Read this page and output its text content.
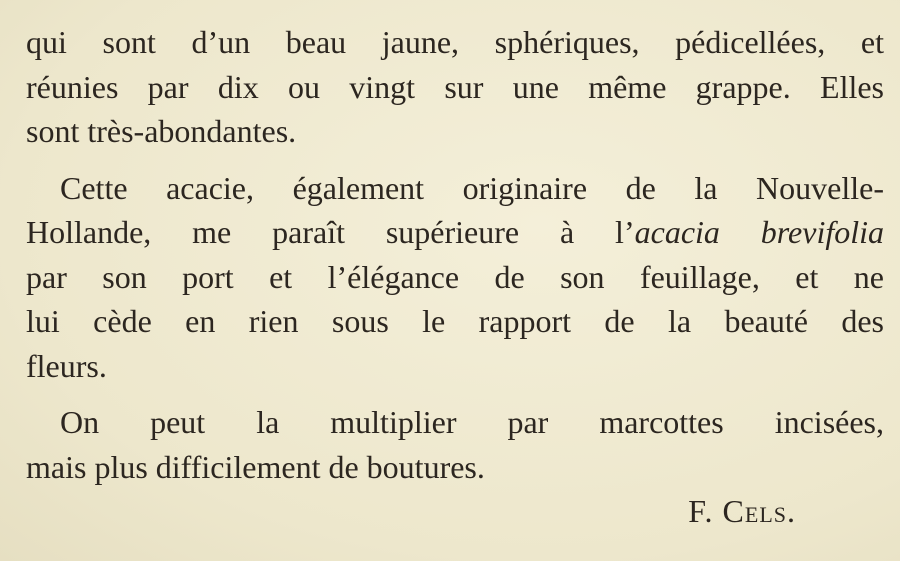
qui sont d’un beau jaune, sphériques, pédicellées, et
réunies par dix ou vingt sur une même grappe. Elles
sont très-abondantes.
Cette acacie, également originaire de la Nouvelle-
Hollande, me paraît supérieure à l’acacia brevifolia
par son port et l’élégance de son feuillage, et ne
lui cède en rien sous le rapport de la beauté des
fleurs.
On peut la multiplier par marcottes incisées,
mais plus difficilement de boutures.
F. Cels.
